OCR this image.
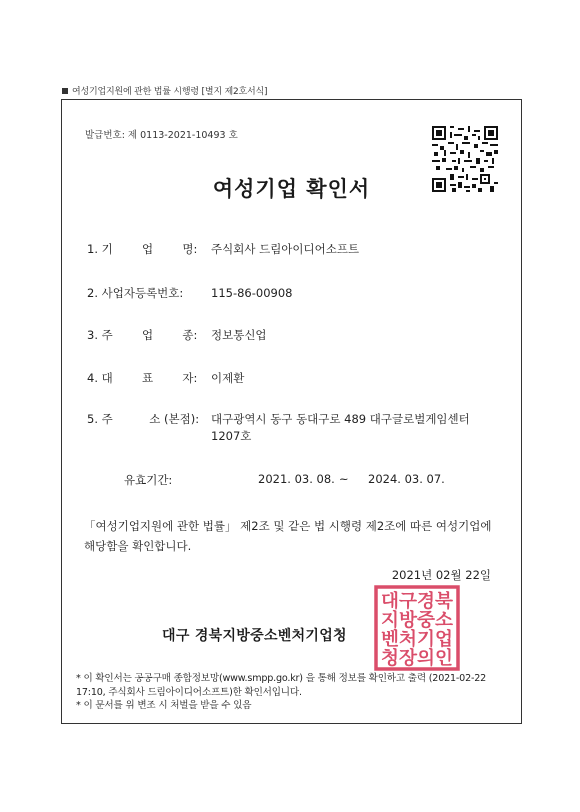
여성기업지원에 관한 법률 시행령 [별지 제2호서식]
발급번호: 제 0113-2021-10493 호
여성기업 확인서
1. 기        업        명: 주식회사 드림아이디어소프트
2. 사업자등록번호: 115-86-00908
3. 주        업        종: 정보통신업
4. 대        표        자: 이제환
5. 주          소 (본점): 대구광역시 동구 동대구로 489 대구글로벌게임센터 1207호
유효기간:	2021. 03. 08. ~ 2024. 03. 07.
「여성기업지원에 관한 법률」 제2조 및 같은 법 시행령 제2조에 따른 여성기업에 해당함을 확인합니다.
2021년 02월 22일
대구 경북지방중소벤처기업청
대구경북
지방중소
벤처기업
청장의인
* 이 확인서는 공공구매 종합정보망(www.smpp.go.kr) 을 통해 정보를 확인하고 출력 (2021-02-22 17:10, 주식회사 드림아이디어소프트)한 확인서입니다.
* 이 문서를 위 변조 시 처벌을 받을 수 있음
